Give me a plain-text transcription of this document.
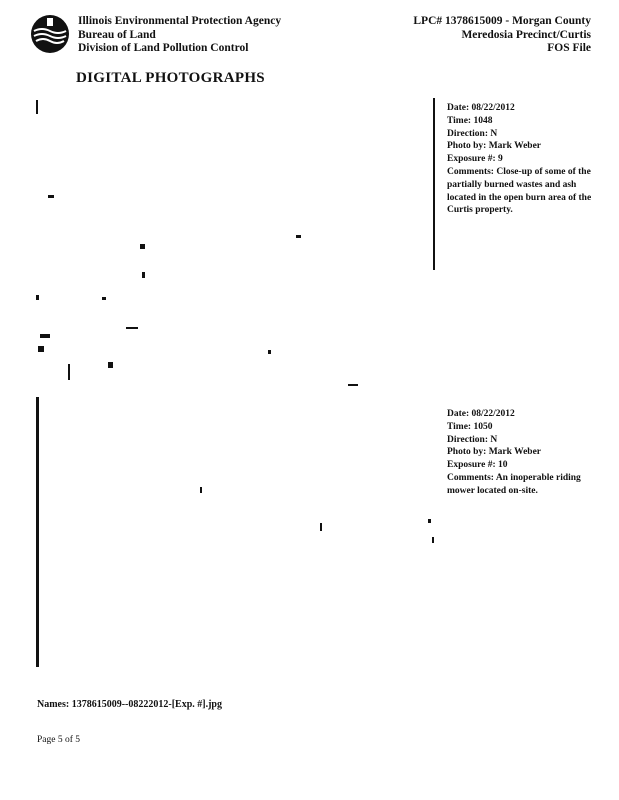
Illinois Environmental Protection Agency
Bureau of Land
Division of Land Pollution Control
LPC# 1378615009 - Morgan County
Meredosia Precinct/Curtis
FOS File
DIGITAL PHOTOGRAPHS
Date: 08/22/2012
Time: 1048
Direction: N
Photo by: Mark Weber
Exposure #: 9
Comments: Close-up of some of the partially burned wastes and ash located in the open burn area of the Curtis property.
Date: 08/22/2012
Time: 1050
Direction: N
Photo by: Mark Weber
Exposure #: 10
Comments: An inoperable riding mower located on-site.
Names: 1378615009--08222012-[Exp. #].jpg
Page 5 of 5
